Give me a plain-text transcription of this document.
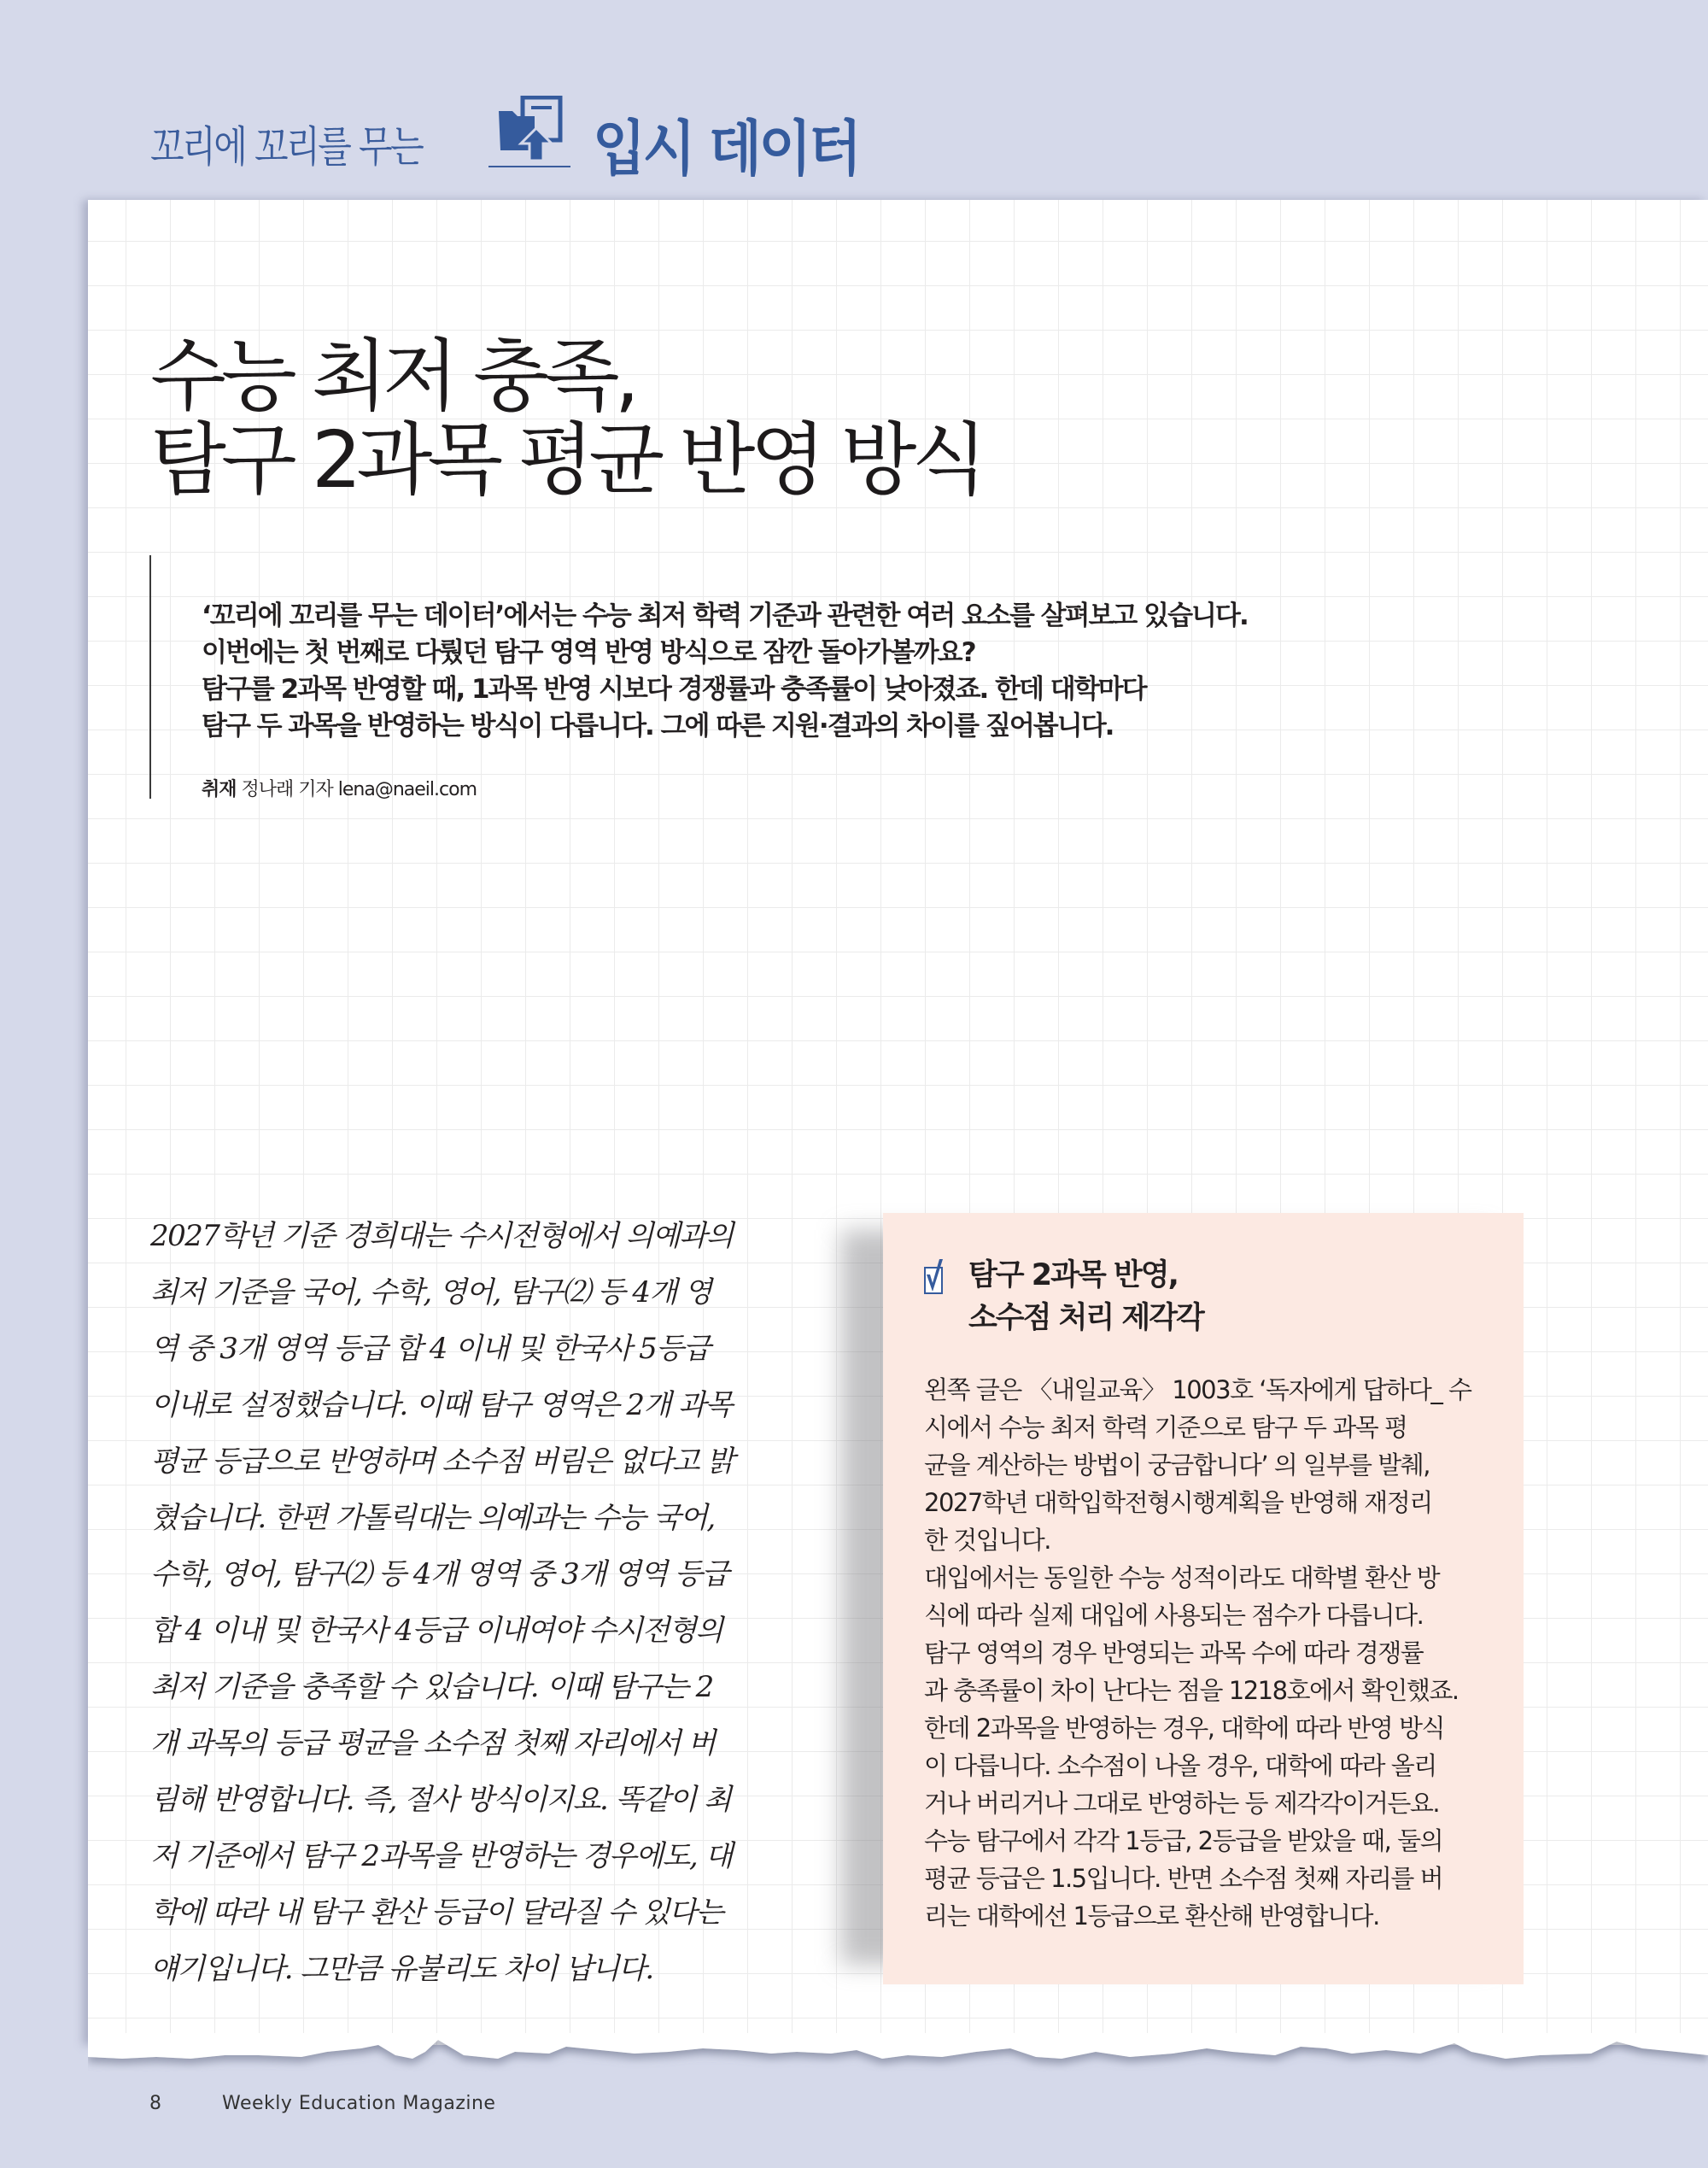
꼬리에 꼬리를 무는	입시 데이터
수능 최저 충족,
탐구 2과목 평균 반영 방식

‘꼬리에 꼬리를 무는 데이터’에서는 수능 최저 학력 기준과 관련한 여러 요소를 살펴보고 있습니다.

이번에는 첫 번째로 다뤘던 탐구 영역 반영 방식으로 잠깐 돌아가볼까요?

탐구를 2과목 반영할 때, 1과목 반영 시보다 경쟁률과 충족률이 낮아졌죠. 한데 대학마다

탐구 두 과목을 반영하는 방식이 다릅니다. 그에 따른 지원·결과의 차이를 짚어봅니다.

취재 정나래 기자 lena@naeil.com

2027학년 기준 경희대는 수시전형에서 의예과의

최저 기준을 국어, 수학, 영어, 탐구⑵ 등 4개 영

역 중 3개 영역 등급 합 4 이내 및 한국사 5등급

이내로 설정했습니다. 이때 탐구 영역은 2개 과목

평균 등급으로 반영하며 소수점 버림은 없다고 밝

혔습니다. 한편 가톨릭대는 의예과는 수능 국어,

수학, 영어, 탐구⑵ 등 4개 영역 중 3개 영역 등급

합 4 이내 및 한국사 4등급 이내여야 수시전형의

최저 기준을 충족할 수 있습니다. 이때 탐구는 2

개 과목의 등급 평균을 소수점 첫째 자리에서 버

림해 반영합니다. 즉, 절사 방식이지요. 똑같이 최

저 기준에서 탐구 2과목을 반영하는 경우에도, 대

학에 따라 내 탐구 환산 등급이 달라질 수 있다는

얘기입니다. 그만큼 유불리도 차이 납니다.

탐구 2과목 반영,
소수점 처리 제각각

왼쪽 글은 〈내일교육〉 1003호 ‘독자에게 답하다_ 수

시에서 수능 최저 학력 기준으로 탐구 두 과목 평

균을 계산하는 방법이 궁금합니다’ 의 일부를 발췌,

2027학년 대학입학전형시행계획을 반영해 재정리

한 것입니다.

대입에서는 동일한 수능 성적이라도 대학별 환산 방

식에 따라 실제 대입에 사용되는 점수가 다릅니다.

탐구 영역의 경우 반영되는 과목 수에 따라 경쟁률

과 충족률이 차이 난다는 점을 1218호에서 확인했죠.

한데 2과목을 반영하는 경우, 대학에 따라 반영 방식

이 다릅니다. 소수점이 나올 경우, 대학에 따라 올리

거나 버리거나 그대로 반영하는 등 제각각이거든요.

수능 탐구에서 각각 1등급, 2등급을 받았을 때, 둘의

평균 등급은 1.5입니다. 반면 소수점 첫째 자리를 버

리는 대학에선 1등급으로 환산해 반영합니다.

8	Weekly Education Magazine
